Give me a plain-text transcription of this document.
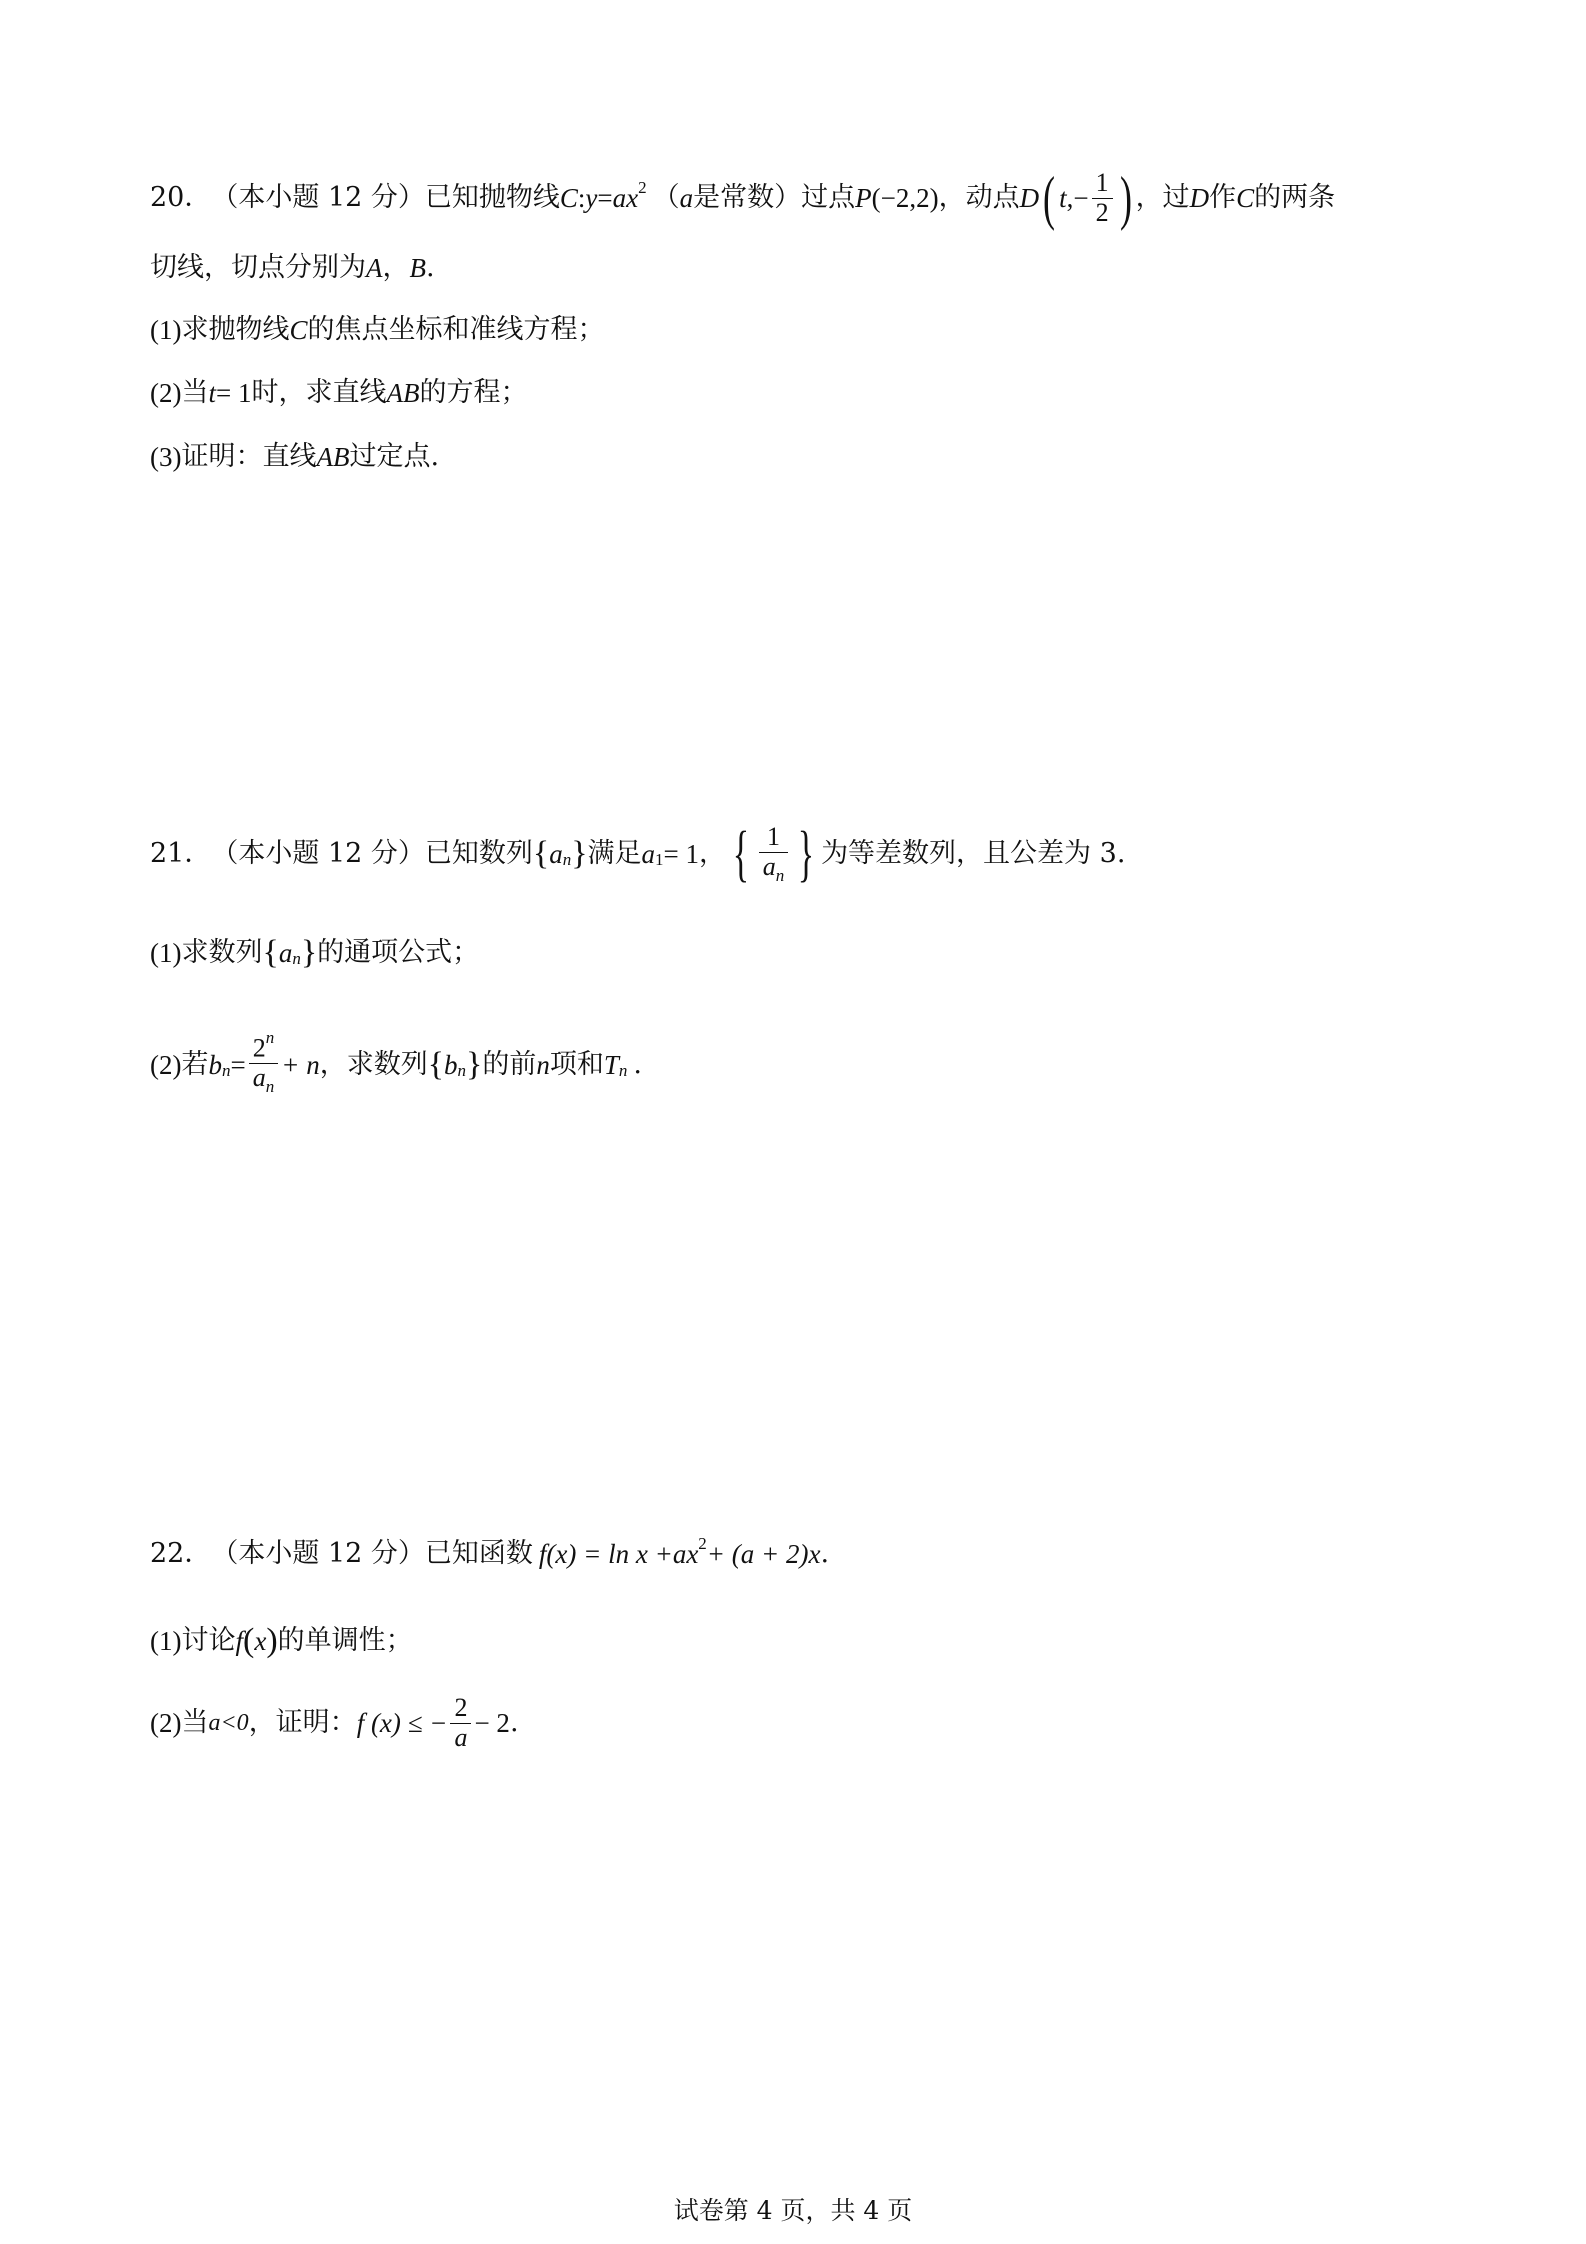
20． （本小题 12 分） 已知抛物线 C : y = a $x^2$ （ a 是常数）过点 P (−2,2) ，动点 D ( t ,− $\frac{1}{2}$ ) ，过 D 作 C 的两条
切线，切点分别为 A ， B .
(1) 求抛物线 C 的焦点坐标和准线方程；
(2) 当 t = 1 时，求直线 AB 的方程；
(3) 证明：直线 AB 过定点.
21． （本小题 12 分） 已知数列 { $a_n$ } 满足 $a_1 = 1$ ， { $\frac{1}{a_n}$ } 为等差数列，且公差为 3.
(1) 求数列 { $a_n$ } 的通项公式；
(2) 若 $b_n = \frac{2^n}{a_n} + n$ ，求数列 { $b_n$ } 的前 n 项和 $T_n$ .
22． （本小题 12 分） 已知函数 f (x) = ln x + a $x^2 + (a + 2)x$ .
(1) 讨论 f ( x ) 的单调性；
(2) 当 a<0 ，证明： f (x) ≤ − $\frac{2}{a} - 2$ .
试卷第 4 页，共 4 页
